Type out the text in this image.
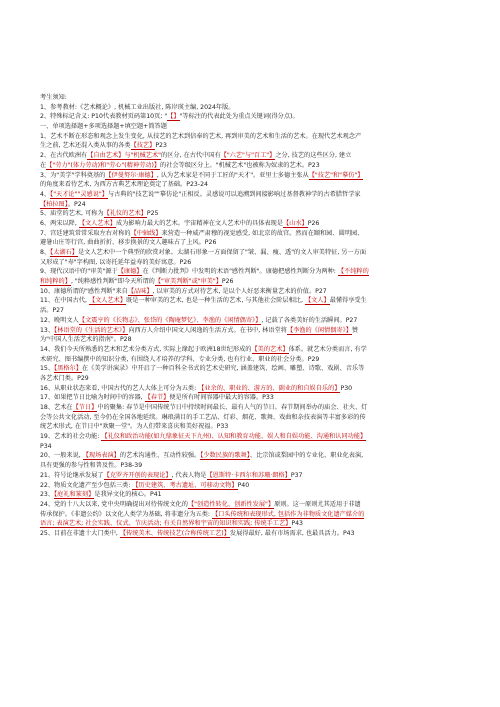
考生须知:
1、参考教材:《艺术概论》, 机械工业出版社, 陈岸瑛主编, 2024年版。
2、特殊标记含义: P10代表教材页码第10页; "【】"等标注的代表此处为重点关键词(得分点)。
一、单项选择题+多项选择题+填空题+简答题
1、艺术不断在形态和观念上发生变化, 从技艺的艺术到信奉的艺术, 再到审美的艺术和生活的艺术。在现代艺术观念产
生之前, 艺术还混入类从事的各类【技艺】P23
2、在古代欧洲有【自由艺术】与"机械艺术"的区分, 在古代中国有【"六艺"与"百工"】之分, 技艺的这些区分, 建立
在【"劳力"(体力劳动)和"劳心"(精神劳动)】的社会等级区分上。"机械艺术"也被称为奴隶的艺术。P23
3、为"美学"学科奠基的【伊曼努尔·康德】, 认为艺术家是不同于工匠的"天才"。亚里士多德主张从【"技艺"和"摹仿"】
的角度来看待艺术, 为西方古典艺术理论奠定了基础。P23-24
4、【"天才论""灵感说"】与古典的"技艺说""摹仿论"正相反。灵感说可以追溯到间接影响过基督教神学的古希腊哲学家
【柏拉图】。P24
5、庙堂的艺术, 可称为【礼仪的艺术】P25
6、两宋以降, 【文人艺术】成为影响力最大的艺术。宇宙精神在文人艺术中的具体表现是【山水】P26
7、宫廷建筑常常采取左右对称的【中轴线】来营造一种威严肃穆的视觉感受, 如北京的故宫。然而在颐和园、圆明园、
避暑山庄等行宫, 曲曲折折、移步换景的文人趣味占了上风。P26
8、【太湖石】是文人艺术中一个典型的欣赏对象。太湖石形象一方面保留了"皱、漏、瘦、透"的文人审美特征, 另一方面
又形成了"寿"字构图, 以寄托延年益寿的美好寓意。P26
9、现代汉语中的"审美"源于【康德】在《判断力批判》中发明的术语"感性判断"。康德把感性判断分为两种: 【不纯粹的
和纯粹的】, "纯粹感性判断"即今天所谓的【"审美判断"或"审美"】P26
10、康德所谓的"感性判断"来自【品味】, 以审美的方式对待艺术, 是以个人好恶来衡量艺术的价值。P27
11、在中国古代, 【文人艺术】既是一种审美的艺术, 也是一种生活的艺术, 与其他社会阶层相比, 【文人】最懂得享受生
活。P27
12、晚明文人【文震亨的《长物志》、张岱的《陶庵梦忆》、李渔的《闲情偶寄》】, 记载了各类美好的生活瞬间。P27
13、【林语堂的《生活的艺术》】向西方人介绍中国文人闲逸的生活方式。在书中, 林语堂将【李渔的《闲情偶寄》】赞
为"中国人生活艺术的指南"。P28
14、我们今天所熟悉的艺术和艺术分类方式, 实际上缘起于欧洲18世纪形成的【美的艺术】体系。就艺术分类而言, 有学
术研究、图书编撰中的知识分类, 有围绕人才培养的学科、专业分类, 也有行业、职业的社会分类。P29
15、【黑格尔】在《美学讲演录》中开启了一种百科全书式的艺术史研究, 涵盖建筑、绘画、雕塑、诗歌、戏剧、音乐等
各艺术门类。P29
16、从职业状态来看, 中国古代的艺人大体上可分为五类: 【业余的、职业的、游方的、副业的和自娱自乐的】P30
17、如果把节日比喻为时间中的容器, 【春节】便是所有时间容器中最大的容器。P33
18、艺术在【节日】中的聚集: 春节是中国传统节日中持续时间最长、最有人气的节日。春节期间举办的庙会、社火、灯
会等公共文化活动, 至今仍在全国各地延续。琳琅满目的手工艺品、灯彩、烟花、歌舞、戏曲和杂技表演等丰富多彩的传
统艺术形式, 在节日中"欢聚一堂"。为人们带来喜庆和美好祝福。P33
19、艺术的社会功能: 【礼仪和政治功能(如九鼎象征天下九州)、认知和教育功能、娱人和自娱功能、沟通和认同功能】
P34
20、一般来说, 【现场表演】的艺术沟通性、互动性较强。【少数民族的歌舞】、比宗馆或梨园中的专业化、职业化表演,
具有更强的参与性和普及性。P38-39
21、符号论继承发展了【克罗齐开创的表现论】, 代表人物是【恩斯特·卡西尔和苏珊·朗格】P37
22、物质文化遗产至少包括三类: 【历史建筑、考古遗址、可移动文物】P40
23、【庭礼和篆刻】是我异文化的核心。P41
24、党的十八大以来, 党中央明确提出对待传统文化的【"创造性转化、创新性发展"】原则。这一原则尤其适用于非遗
传承保护。《非遗公约》以文化人类学为基础, 将非遗分为五类: 【口头传统和表现形式, 包括作为非物质文化遗产媒介的
语言; 表演艺术; 社会实践、仪式、节庆活动; 有关自然界和宇宙的知识和实践; 传统手工艺】P43
25、目前在非遗十大门类中, 【传统美术、传统技艺(合称传统工艺)】发展得最好, 最有市场需求, 也最具活力。P43
